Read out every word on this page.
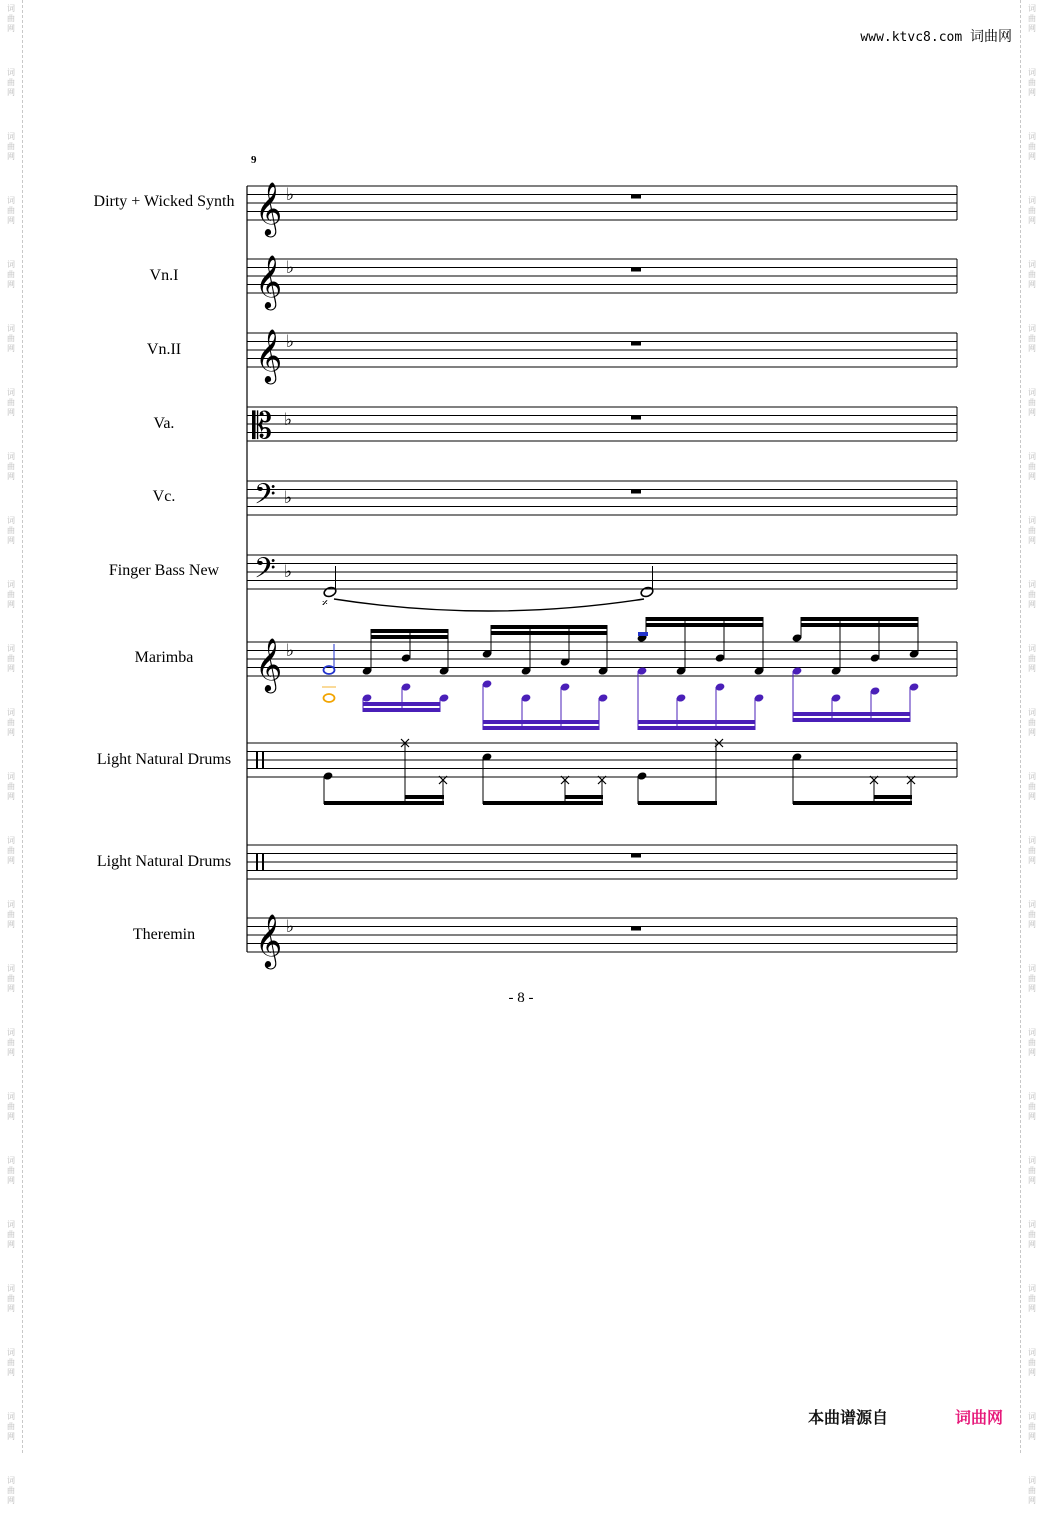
词
曲
网
词
曲
网
词
曲
网
词
曲
网
词
曲
网
词
曲
网
词
曲
网
词
曲
网
词
曲
网
词
曲
网
词
曲
网
词
曲
网
词
曲
网
词
曲
网
词
曲
网
词
曲
网
词
曲
网
词
曲
网
词
曲
网
词
曲
网
词
曲
网
词
曲
网
词
曲
网
词
曲
网
词
曲
网
词
曲
网
词
曲
网
词
曲
网
词
曲
网
词
曲
网
词
曲
网
词
曲
网
词
曲
网
词
曲
网
词
曲
网
词
曲
网
词
曲
网
词
曲
网
词
曲
网
词
曲
网
词
曲
网
词
曲
网
词
曲
网
词
曲
网
词
曲
网
词
曲
网
词
曲
网
词
曲
网
www.ktvc8.com 词曲网
9
Dirty + Wicked Synth
Vn.I
Vn.II
Va.
Vc.
Finger Bass New
Marimba
Light Natural Drums
Light Natural Drums
Theremin
𝄞 ♭
𝄞 ♭
𝄞 ♭
𝄡 ♭
𝄢 ♭
𝄢 ♭
𝄎
𝄞 ♭
𝄞 ♭
- 8 -
本曲谱源自	词曲网
